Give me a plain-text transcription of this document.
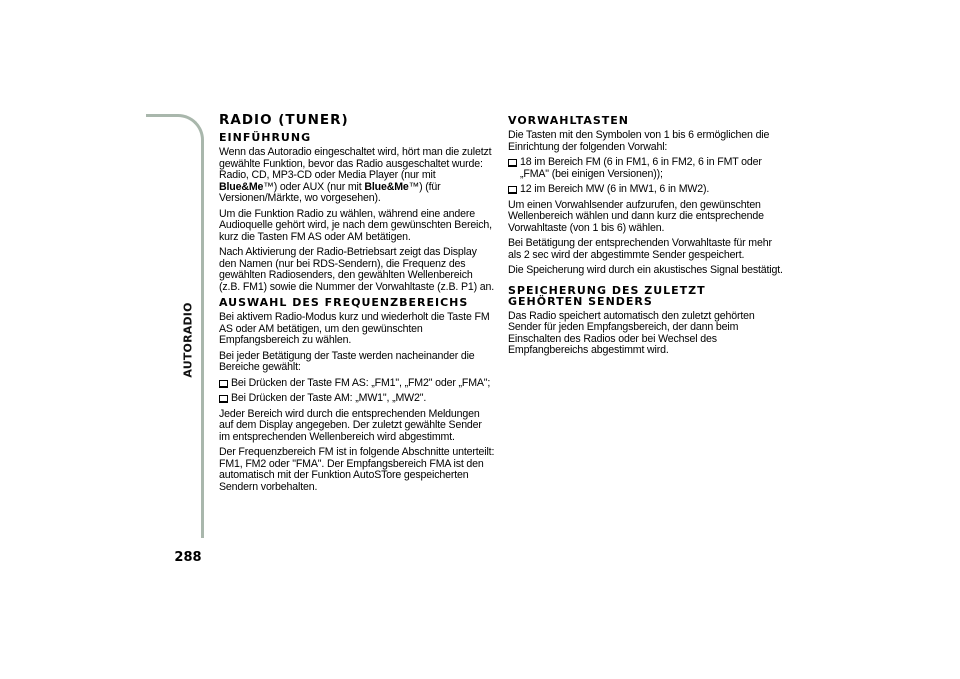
AUTORADIO
288
RADIO (TUNER)
EINFÜHRUNG

Wenn das Autoradio eingeschaltet wird, hört man die zuletzt gewählte Funktion, bevor das Radio ausgeschaltet wurde: Radio, CD, MP3-CD oder Media Player (nur mit Blue&Me™) oder AUX (nur mit Blue&Me™) (für Versionen/Märkte, wo vorgesehen).

Um die Funktion Radio zu wählen, während eine andere Audioquelle gehört wird, je nach dem gewünschten Bereich, kurz die Tasten FM AS oder AM betätigen.

Nach Aktivierung der Radio-Betriebsart zeigt das Display den Namen (nur bei RDS-Sendern), die Frequenz des gewählten Radiosenders, den gewählten Wellenbereich (z.B. FM1) sowie die Nummer der Vorwahltaste (z.B. P1) an.

AUSWAHL DES FREQUENZBEREICHS

Bei aktivem Radio-Modus kurz und wiederholt die Taste FM AS oder AM betätigen, um den gewünschten Empfangsbereich zu wählen.

Bei jeder Betätigung der Taste werden nacheinander die Bereiche gewählt:

Bei Drücken der Taste FM AS: „FM1", „FM2" oder „FMA";
Bei Drücken der Taste AM: „MW1", „MW2".

Jeder Bereich wird durch die entsprechenden Meldungen auf dem Display angegeben. Der zuletzt gewählte Sender im entsprechenden Wellenbereich wird abgestimmt.

Der Frequenzbereich FM ist in folgende Abschnitte unterteilt: FM1, FM2 oder "FMA". Der Empfangsbereich FMA ist den automatisch mit der Funktion AutoSTore gespeicherten Sendern vorbehalten.

VORWAHLTASTEN

Die Tasten mit den Symbolen von 1 bis 6 ermöglichen die Einrichtung der folgenden Vorwahl:

18 im Bereich FM (6 in FM1, 6 in FM2, 6 in FMT oder „FMA" (bei einigen Versionen));
12 im Bereich MW (6 in MW1, 6 in MW2).

Um einen Vorwahlsender aufzurufen, den gewünschten Wellenbereich wählen und dann kurz die entsprechende Vorwahltaste (von 1 bis 6) wählen.

Bei Betätigung der entsprechenden Vorwahltaste für mehr als 2 sec wird der abgestimmte Sender gespeichert.

Die Speicherung wird durch ein akustisches Signal bestätigt.

SPEICHERUNG DES ZULETZT
GEHÖRTEN SENDERS

Das Radio speichert automatisch den zuletzt gehörten Sender für jeden Empfangsbereich, der dann beim Einschalten des Radios oder bei Wechsel des Empfangbereichs abgestimmt wird.
